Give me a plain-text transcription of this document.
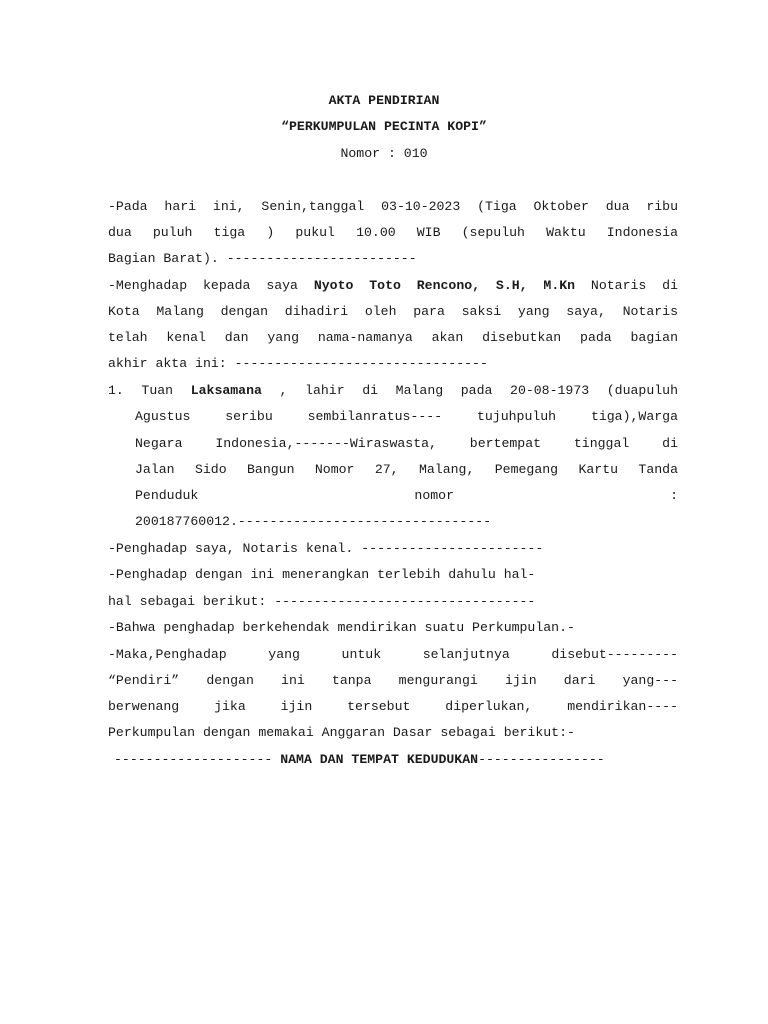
AKTA PENDIRIAN
“PERKUMPULAN PECINTA KOPI”
Nomor : 010
-Pada hari ini, Senin,tanggal 03-10-2023 (Tiga Oktober dua ribu
dua puluh tiga ) pukul 10.00 WIB (sepuluh Waktu Indonesia
Bagian Barat). ------------------------
-Menghadap kepada saya Nyoto Toto Rencono, S.H, M.Kn Notaris di
Kota Malang dengan dihadiri oleh para saksi yang saya, Notaris
telah kenal dan yang nama-namanya akan disebutkan pada bagian
akhir akta ini: --------------------------------
1. Tuan Laksamana , lahir di Malang pada 20-08-1973 (duapuluh
Agustus seribu sembilanratus---- tujuhpuluh tiga),Warga
Negara Indonesia,-------Wiraswasta, bertempat tinggal di
Jalan Sido Bangun Nomor 27, Malang, Pemegang Kartu Tanda
Penduduk nomor :
200187760012.--------------------------------
-Penghadap saya, Notaris kenal. -----------------------
-Penghadap dengan ini menerangkan terlebih dahulu hal-
hal sebagai berikut: ---------------------------------
-Bahwa penghadap berkehendak mendirikan suatu Perkumpulan.-
-Maka,Penghadap yang untuk selanjutnya disebut---------
“Pendiri” dengan ini tanpa mengurangi ijin dari yang---
berwenang jika ijin tersebut diperlukan, mendirikan----
Perkumpulan dengan memakai Anggaran Dasar sebagai berikut:-
-------------------- NAMA DAN TEMPAT KEDUDUKAN----------------
